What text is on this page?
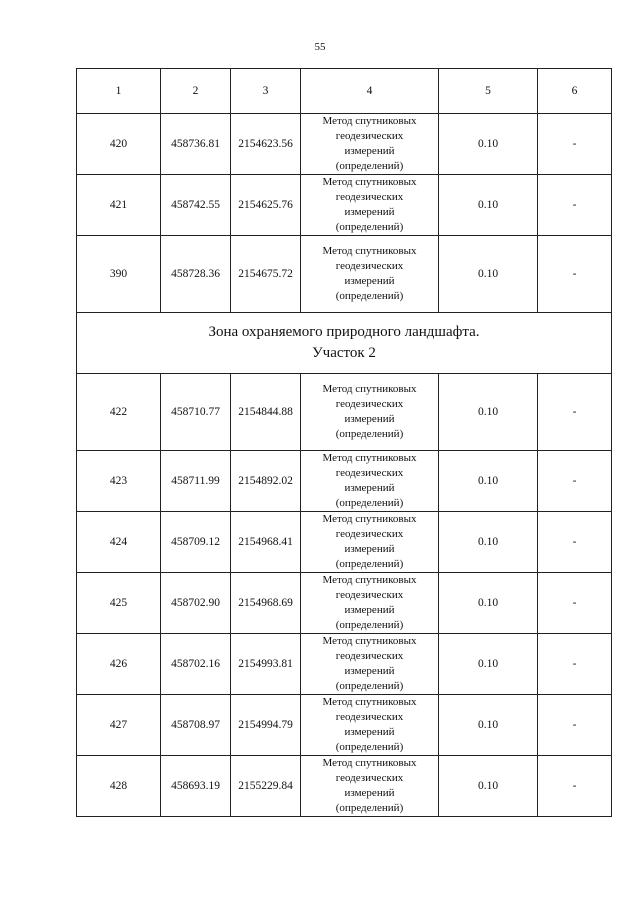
55
1	2	3	4	5	6
420	458736.81	2154623.56	Метод спутниковых
геодезических
измерений
(определений)	0.10	-
421	458742.55	2154625.76	Метод спутниковых
геодезических
измерений
(определений)	0.10	-
390	458728.36	2154675.72	Метод спутниковых
геодезических
измерений
(определений)	0.10	-

Зона охраняемого природного ландшафта.
Участок 2					

422	458710.77	2154844.88	Метод спутниковых
геодезических
измерений
(определений)	0.10	-
423	458711.99	2154892.02	Метод спутниковых
геодезических
измерений
(определений)	0.10	-
424	458709.12	2154968.41	Метод спутниковых
геодезических
измерений
(определений)	0.10	-
425	458702.90	2154968.69	Метод спутниковых
геодезических
измерений
(определений)	0.10	-
426	458702.16	2154993.81	Метод спутниковых
геодезических
измерений
(определений)	0.10	-
427	458708.97	2154994.79	Метод спутниковых
геодезических
измерений
(определений)	0.10	-
428	458693.19	2155229.84	Метод спутниковых
геодезических
измерений
(определений)	0.10	-
